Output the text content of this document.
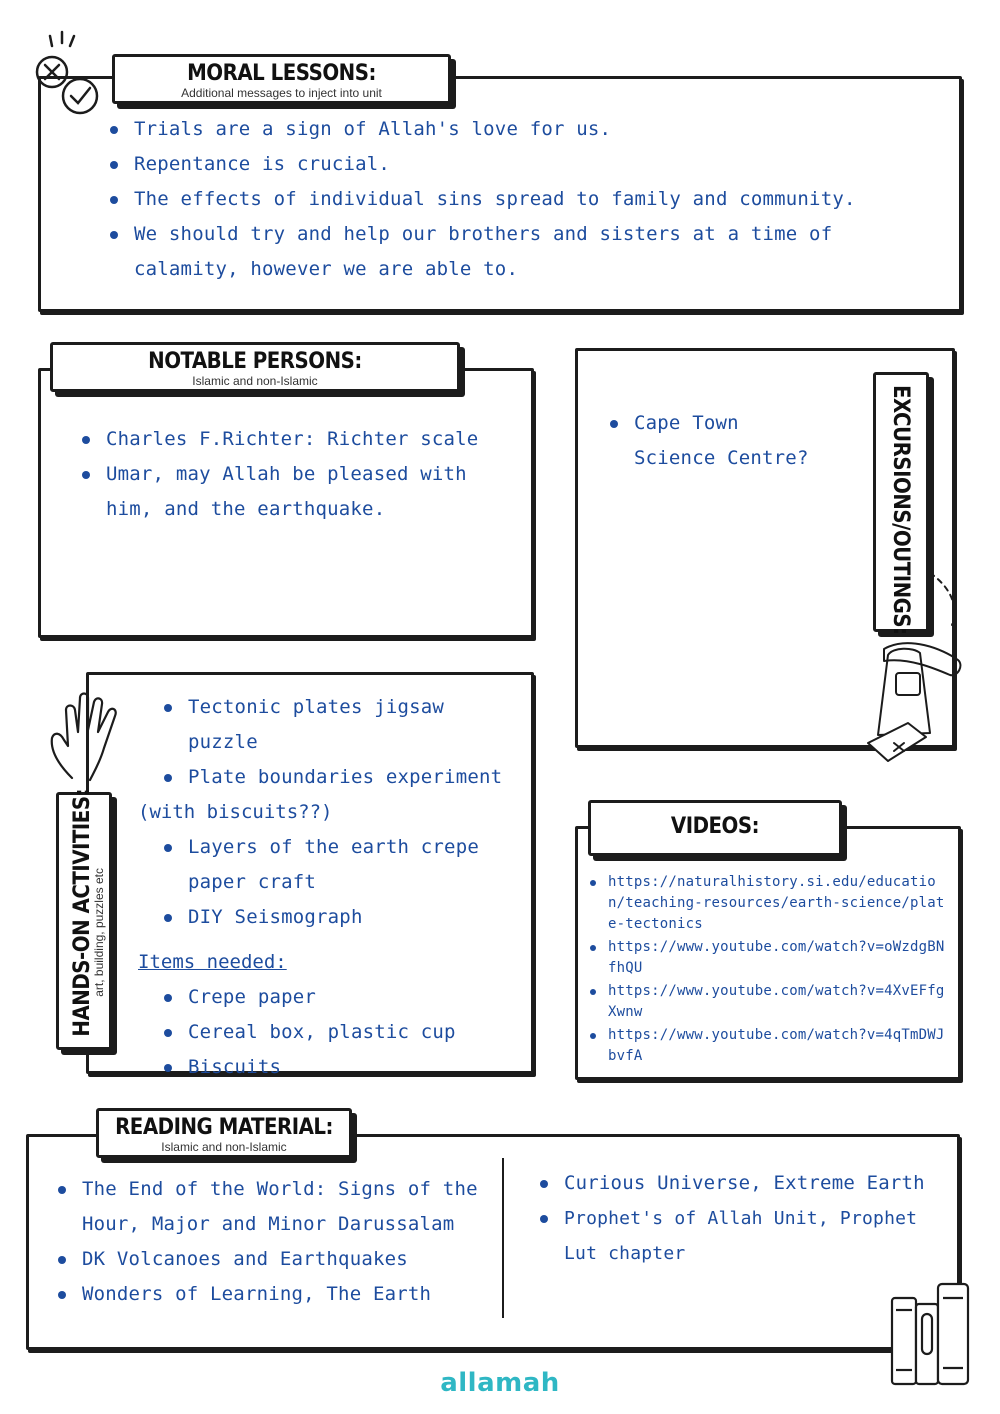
MORAL LESSONS:
Additional messages to inject into unit
Trials are a sign of Allah's love for us.
Repentance is crucial.
The effects of individual sins spread to family and community.
We should try and help our brothers and sisters at a time of calamity, however we are able to.
NOTABLE PERSONS:
Islamic and non-Islamic
Charles F.Richter: Richter scale
Umar, may Allah be pleased with him, and the earthquake.	EXCURSIONS/OUTINGS:
Cape Town Science Centre?
HANDS-ON ACTIVITIES:
art, building, puzzles etc
Tectonic plates jigsaw puzzle
Plate boundaries experiment
(with biscuits??)
Layers of the earth crepe paper craft
DIY Seismograph
Items needed:
Crepe paper
Cereal box, plastic cup
Biscuits
VIDEOS:
https://naturalhistory.si.edu/education/teaching-resources/earth-science/plate-tectonics
https://www.youtube.com/watch?v=oWzdgBNfhQU
https://www.youtube.com/watch?v=4XvEFfgXwnw
https://www.youtube.com/watch?v=4qTmDWJbvfA
READING MATERIAL:
Islamic and non-Islamic
The End of the World: Signs of the Hour, Major and Minor Darussalam
DK Volcanoes and Earthquakes
Wonders of Learning, The Earth
Curious Universe, Extreme Earth
Prophet's of Allah Unit, Prophet Lut chapter
allamah
